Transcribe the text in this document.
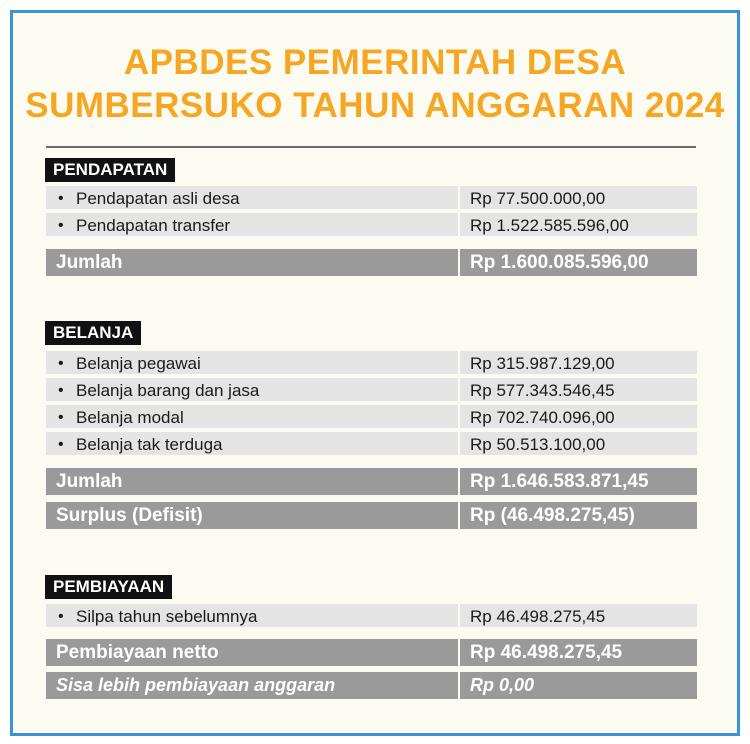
APBDES PEMERINTAH DESA
SUMBERSUKO TAHUN ANGGARAN 2024
PENDAPATAN
• Pendapatan asli desa	Rp 77.500.000,00
• Pendapatan transfer	Rp 1.522.585.596,00
Jumlah	Rp 1.600.085.596,00
BELANJA
• Belanja pegawai	Rp 315.987.129,00
• Belanja barang dan jasa	Rp 577.343.546,45
• Belanja modal	Rp 702.740.096,00
• Belanja tak terduga	Rp 50.513.100,00
Jumlah	Rp 1.646.583.871,45
Surplus (Defisit)	Rp (46.498.275,45)
PEMBIAYAAN
• Silpa tahun sebelumnya	Rp 46.498.275,45
Pembiayaan netto	Rp 46.498.275,45
Sisa lebih pembiayaan anggaran	Rp 0,00
